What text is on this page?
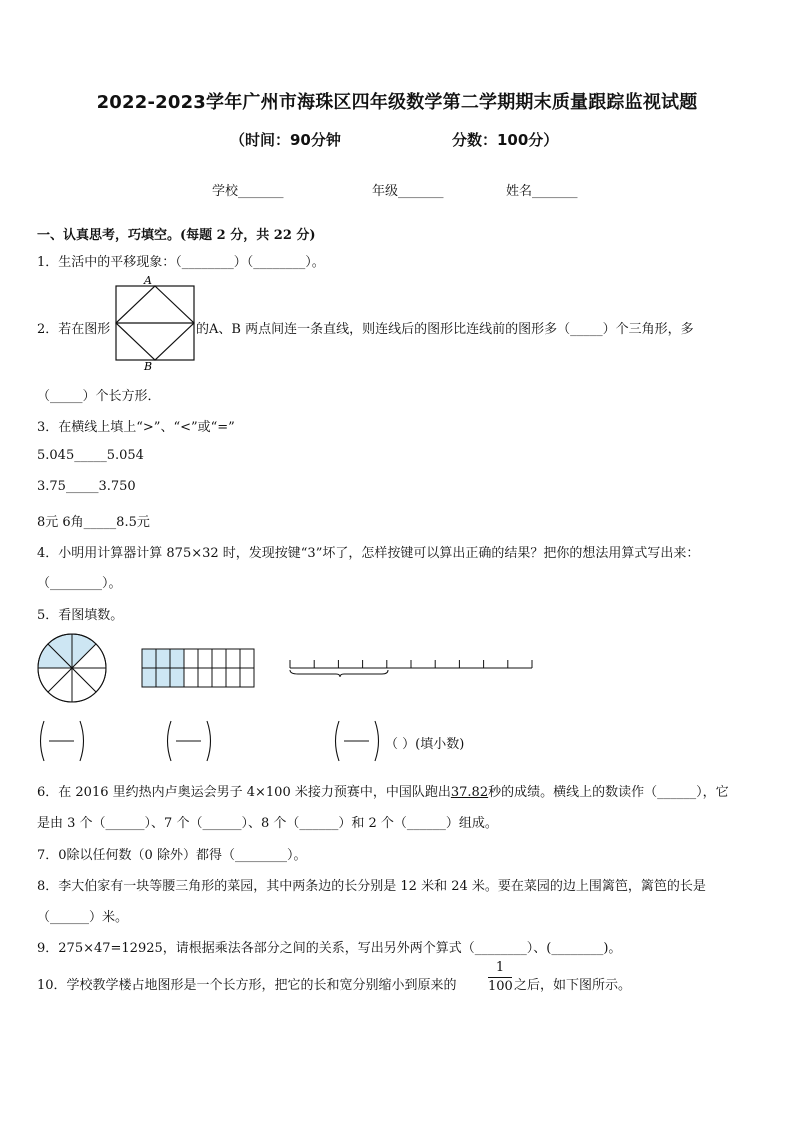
2022-2023学年广州市海珠区四年级数学第二学期期末质量跟踪监视试题
（时间：90分钟	分数：100分）
学校_______	年级_______	姓名_______
一、认真思考，巧填空。(每题 2 分，共 22 分)
1．生活中的平移现象：（________）（________）。
2．若在图形
A
B
的A、B 两点间连一条直线，则连线后的图形比连线前的图形多（_____）个三角形，多
（_____）个长方形．
3．在横线上填上“>”、“<”或“=”
5.045_____5.054
3.75_____3.750
8元 6角_____8.5元
4．小明用计算器计算 875×32 时，发现按键“3”坏了，怎样按键可以算出正确的结果？把你的想法用算式写出来：
（________）。
5．看图填数。
（ ）(填小数)
6．在 2016 里约热内卢奥运会男子 4×100 米接力预赛中，中国队跑出37.82秒的成绩。横线上的数读作（______），它
是由 3 个（______）、7 个（______）、8 个（______）和 2 个（______）组成。
7．0除以任何数（0 除外）都得（________）。
8．李大伯家有一块等腰三角形的菜园，其中两条边的长分别是 12 米和 24 米。要在菜园的边上围篱笆，篱笆的长是
（______）米。
9．275×47=12925，请根据乘法各部分之间的关系，写出另外两个算式（________）、(________)。
10．学校教学楼占地图形是一个长方形，把它的长和宽分别缩小到原来的
1
100 之后，如下图所示。
